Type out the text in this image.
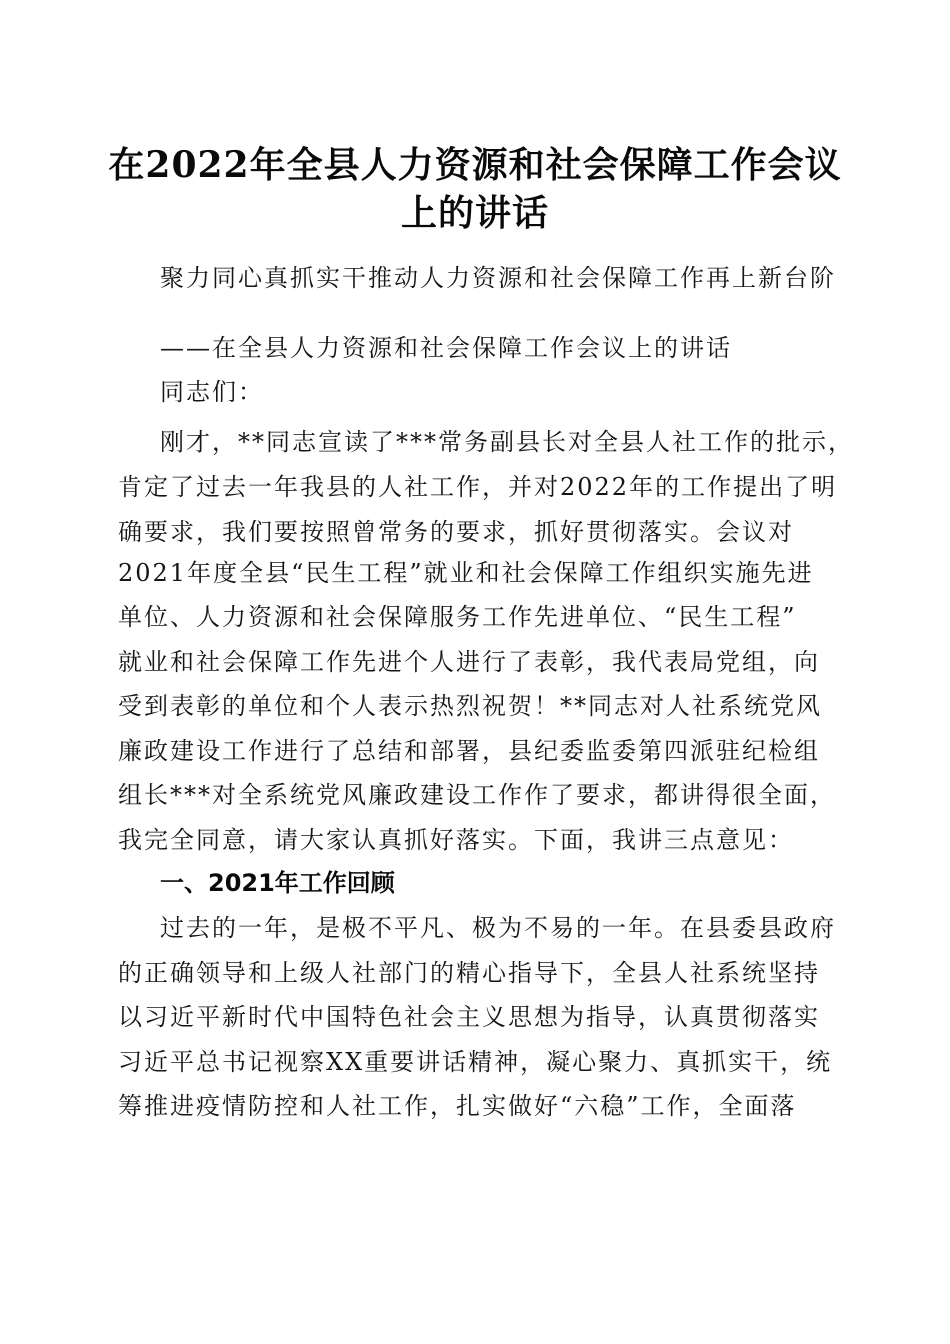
在2022年全县人力资源和社会保障工作会议
上的讲话
聚力同心真抓实干推动人力资源和社会保障工作再上新台阶
——在全县人力资源和社会保障工作会议上的讲话
同志们：
刚才，**同志宣读了***常务副县长对全县人社工作的批示，
肯定了过去一年我县的人社工作，并对2022年的工作提出了明
确要求，我们要按照曾常务的要求，抓好贯彻落实。会议对
2021年度全县“民生工程”就业和社会保障工作组织实施先进
单位、人力资源和社会保障服务工作先进单位、“民生工程”
就业和社会保障工作先进个人进行了表彰，我代表局党组，向
受到表彰的单位和个人表示热烈祝贺！**同志对人社系统党风
廉政建设工作进行了总结和部署，县纪委监委第四派驻纪检组
组长***对全系统党风廉政建设工作作了要求，都讲得很全面，
我完全同意，请大家认真抓好落实。下面，我讲三点意见：
一、2021年工作回顾
过去的一年，是极不平凡、极为不易的一年。在县委县政府
的正确领导和上级人社部门的精心指导下，全县人社系统坚持
以习近平新时代中国特色社会主义思想为指导，认真贯彻落实
习近平总书记视察XX重要讲话精神，凝心聚力、真抓实干，统
筹推进疫情防控和人社工作，扎实做好“六稳”工作，全面落
